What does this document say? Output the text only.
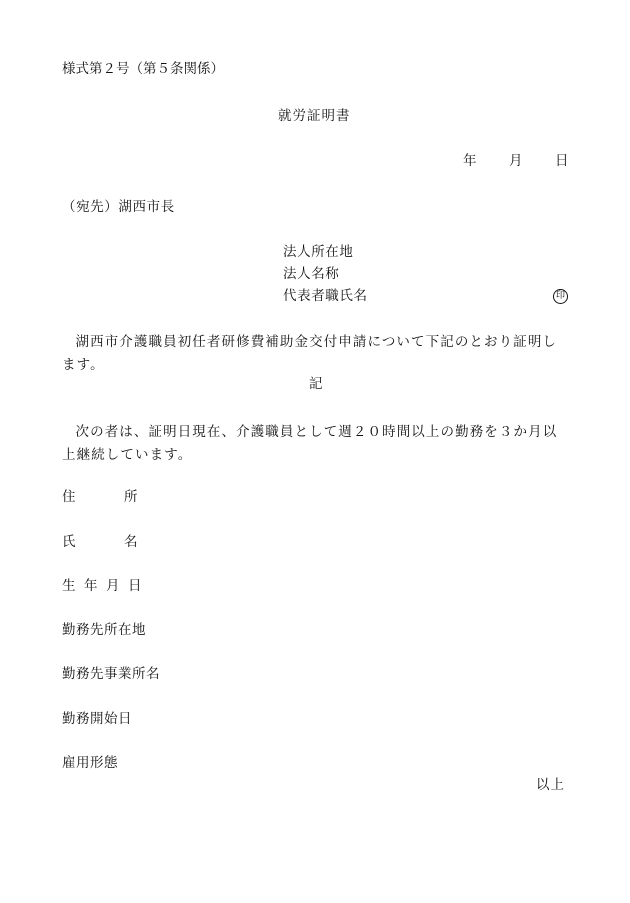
様式第２号（第５条関係）
就労証明書
年 月 日
（宛先）湖西市長
法人所在地
法人名称
代表者職氏名	印
湖西市介護職員初任者研修費補助金交付申請について下記のとおり証明します。
記
次の者は、証明日現在、介護職員として週２０時間以上の勤務を３か月以上継続しています。
住	所
氏	名
生 年 月 日
勤務先所在地
勤務先事業所名
勤務開始日
雇用形態
以上
